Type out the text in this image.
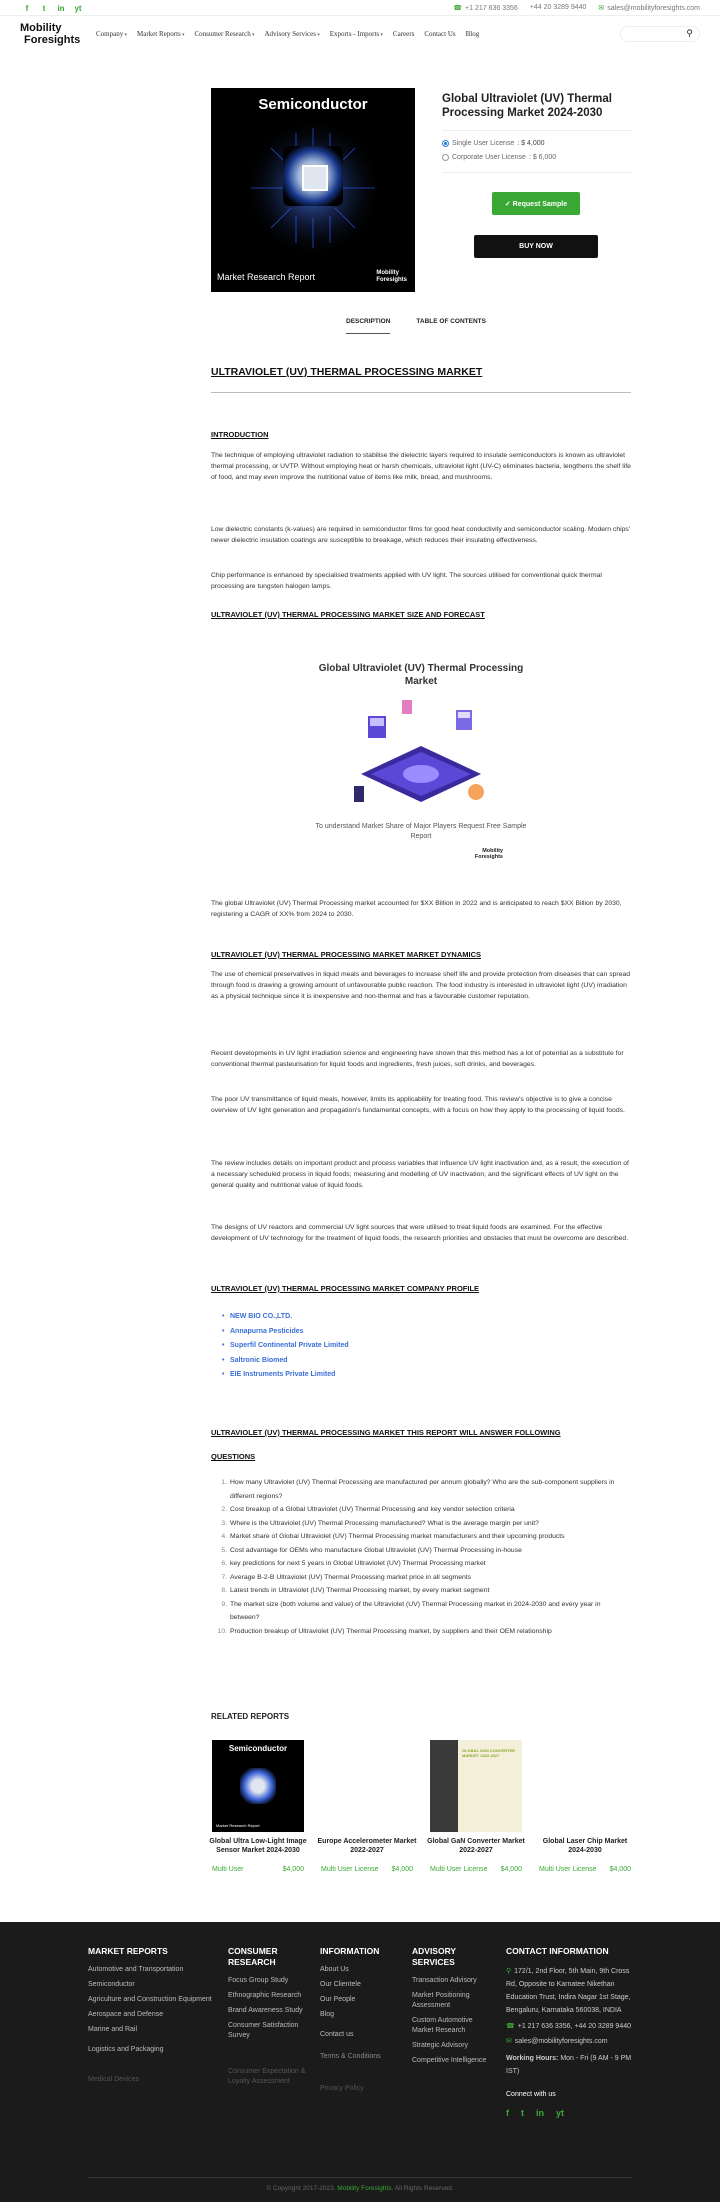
f	t	in yt	☎ +1 217 636 3356 +44 20 3289 9440 ✉ sales@mobilityforesights.com
Mobility
Foresights	Company ▾	Market Reports ▾	Consumer Research ▾	Advisory Services ▾	Exports - Imports ▾	Careers Contact Us Blog	⚲
Semiconductor
Market Research Report	Mobility
Foresights
Global Ultraviolet (UV) Thermal Processing Market 2024-2030
Single User License : $ 4,000
Corporate User License : $ 6,000
✓ Request Sample
BUY NOW
DESCRIPTION	TABLE OF CONTENTS
ULTRAVIOLET (UV) THERMAL PROCESSING MARKET
INTRODUCTION
The technique of employing ultraviolet radiation to stabilise the dielectric layers required to insulate semiconductors is known as ultraviolet thermal processing, or UVTP. Without employing heat or harsh chemicals, ultraviolet light (UV-C) eliminates bacteria, lengthens the shelf life of food, and may even improve the nutritional value of items like milk, bread, and mushrooms.
Low dielectric constants (k-values) are required in semiconductor films for good heat conductivity and semiconductor scaling. Modern chips' newer dielectric insulation coatings are susceptible to breakage, which reduces their insulating effectiveness.
Chip performance is enhanced by specialised treatments applied with UV light. The sources utilised for conventional quick thermal processing are tungsten halogen lamps.
ULTRAVIOLET (UV) THERMAL PROCESSING MARKET SIZE AND FORECAST
Global Ultraviolet (UV) Thermal Processing Market
To understand Market Share of Major Players Request Free Sample Report
Mobility
Foresights
The global Ultraviolet (UV) Thermal Processing market accounted for $XX Billion in 2022 and is anticipated to reach $XX Billion by 2030, registering a CAGR of XX% from 2024 to 2030.
ULTRAVIOLET (UV) THERMAL PROCESSING MARKET MARKET DYNAMICS
The use of chemical preservatives in liquid meals and beverages to increase shelf life and provide protection from diseases that can spread through food is drawing a growing amount of unfavourable public reaction. The food industry is interested in ultraviolet light (UV) irradiation as a physical technique since it is inexpensive and non-thermal and has a favourable customer reputation.
Recent developments in UV light irradiation science and engineering have shown that this method has a lot of potential as a substitute for conventional thermal pasteurisation for liquid foods and ingredients, fresh juices, soft drinks, and beverages.
The poor UV transmittance of liquid meals, however, limits its applicability for treating food. This review's objective is to give a concise overview of UV light generation and propagation's fundamental concepts, with a focus on how they apply to the processing of liquid foods.
The review includes details on important product and process variables that influence UV light inactivation and, as a result, the execution of a necessary scheduled process in liquid foods; measuring and modelling of UV inactivation; and the significant effects of UV light on the general quality and nutritional value of liquid foods.
The designs of UV reactors and commercial UV light sources that were utilised to treat liquid foods are examined. For the effective development of UV technology for the treatment of liquid foods, the research priorities and obstacles that must be overcome are described.
ULTRAVIOLET (UV) THERMAL PROCESSING MARKET COMPANY PROFILE
• NEW BIO CO.,LTD.
• Annapurna Pesticides
• Superfil Continental Private Limited
• Saltronic Biomed
• EIE Instruments Private Limited
ULTRAVIOLET (UV) THERMAL PROCESSING MARKET THIS REPORT WILL ANSWER FOLLOWING
QUESTIONS
1. How many Ultraviolet (UV) Thermal Processing are manufactured per annum globally? Who are the sub-component suppliers in different regions?
2. Cost breakup of a Global Ultraviolet (UV) Thermal Processing and key vendor selection criteria
3. Where is the Ultraviolet (UV) Thermal Processing manufactured? What is the average margin per unit?
4. Market share of Global Ultraviolet (UV) Thermal Processing market manufacturers and their upcoming products
5. Cost advantage for OEMs who manufacture Global Ultraviolet (UV) Thermal Processing in-house
6. key predictions for next 5 years in Global Ultraviolet (UV) Thermal Processing market
7. Average B-2-B Ultraviolet (UV) Thermal Processing market price in all segments
8. Latest trends in Ultraviolet (UV) Thermal Processing market, by every market segment
9. The market size (both volume and value) of the Ultraviolet (UV) Thermal Processing market in 2024-2030 and every year in between?
10. Production breakup of Ultraviolet (UV) Thermal Processing market, by suppliers and their OEM relationship
RELATED REPORTS
Semiconductor
Market Research Report
Global Ultra Low-Light Image Sensor Market 2024-2030
Multi User	$4,000
Europe Accelerometer Market 2022-2027
Multi User License $4,000
GLOBAL GAN CONVERTER MARKET 2022-2027
Global GaN Converter Market 2022-2027
Multi User License $4,000
Global Laser Chip Market 2024-2030
Multi User License $4,000
MARKET REPORTS
Automotive and Transportation
Semiconductor
Agriculture and Construction Equipment
Aerospace and Defense
Marine and Rail
Logistics and Packaging
Medical Devices
CONSUMER RESEARCH
Focus Group Study
Ethnographic Research
Brand Awareness Study
Consumer Satisfaction Survey
Consumer Expectation & Loyalty Assessment
INFORMATION
About Us
Our Clientele
Our People
Blog
Contact us
Terms & Conditions
Privacy Policy
ADVISORY SERVICES
Transaction Advisory
Market Positioning Assessment
Custom Automotive Market Research
Strategic Advisory
Competitive Intelligence
CONTACT INFORMATION
⚲ 172/1, 2nd Floor, 5th Main, 9th Cross Rd, Opposite to Karnatee Nikethan Education Trust, Indira Nagar 1st Stage, Bengaluru, Karnataka 560038, INDIA
☎ +1 217 636 3356, +44 20 3289 9440
✉ sales@mobilityforesights.com
Working Hours: Mon - Fri (9 AM - 9 PM IST)
Connect with us
f t in yt
© Copyright 2017-2023, Mobility Foresights. All Rights Reserved.
